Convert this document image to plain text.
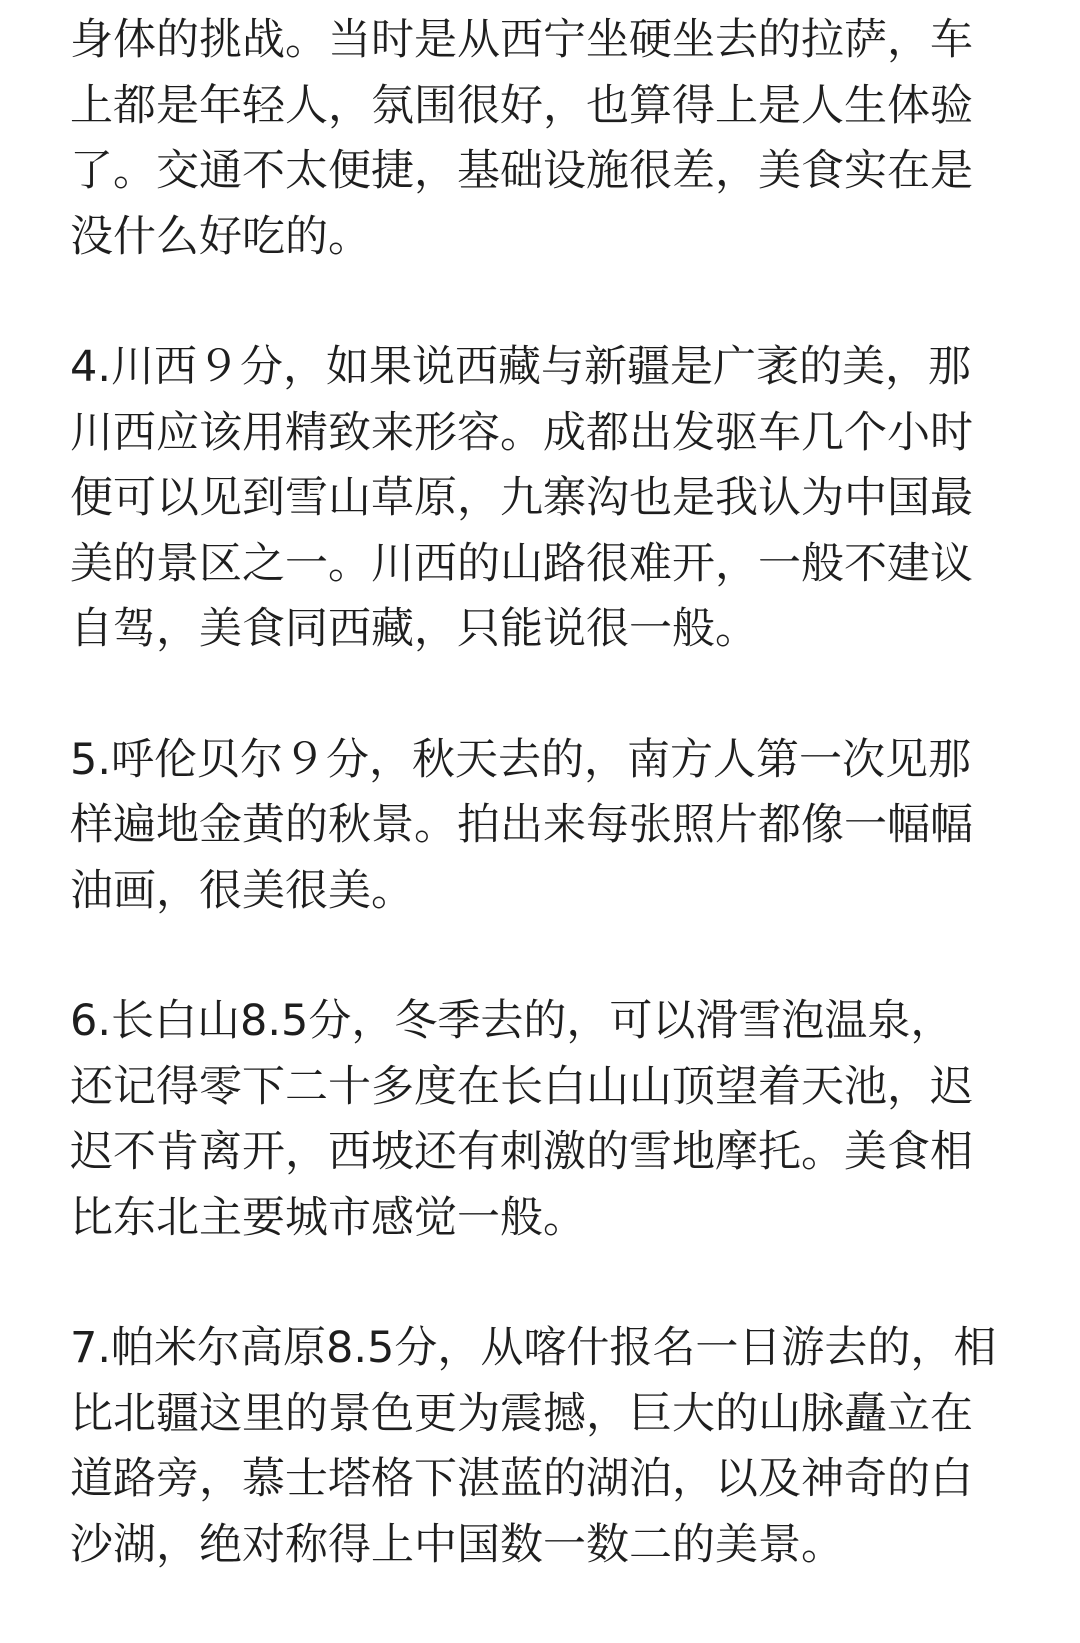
身体的挑战。当时是从西宁坐硬坐去的拉萨，车
上都是年轻人，氛围很好，也算得上是人生体验
了。交通不太便捷，基础设施很差，美食实在是
没什么好吃的。

4.川西９分，如果说西藏与新疆是广袤的美，那
川西应该用精致来形容。成都出发驱车几个小时
便可以见到雪山草原，九寨沟也是我认为中国最
美的景区之一。川西的山路很难开，一般不建议
自驾，美食同西藏，只能说很一般。

5.呼伦贝尔９分，秋天去的，南方人第一次见那
样遍地金黄的秋景。拍出来每张照片都像一幅幅
油画，很美很美。

6.长白山8.5分，冬季去的，可以滑雪泡温泉，
还记得零下二十多度在长白山山顶望着天池，迟
迟不肯离开，西坡还有刺激的雪地摩托。美食相
比东北主要城市感觉一般。

7.帕米尔高原8.5分，从喀什报名一日游去的，相
比北疆这里的景色更为震撼，巨大的山脉矗立在
道路旁，慕士塔格下湛蓝的湖泊，以及神奇的白
沙湖，绝对称得上中国数一数二的美景。
